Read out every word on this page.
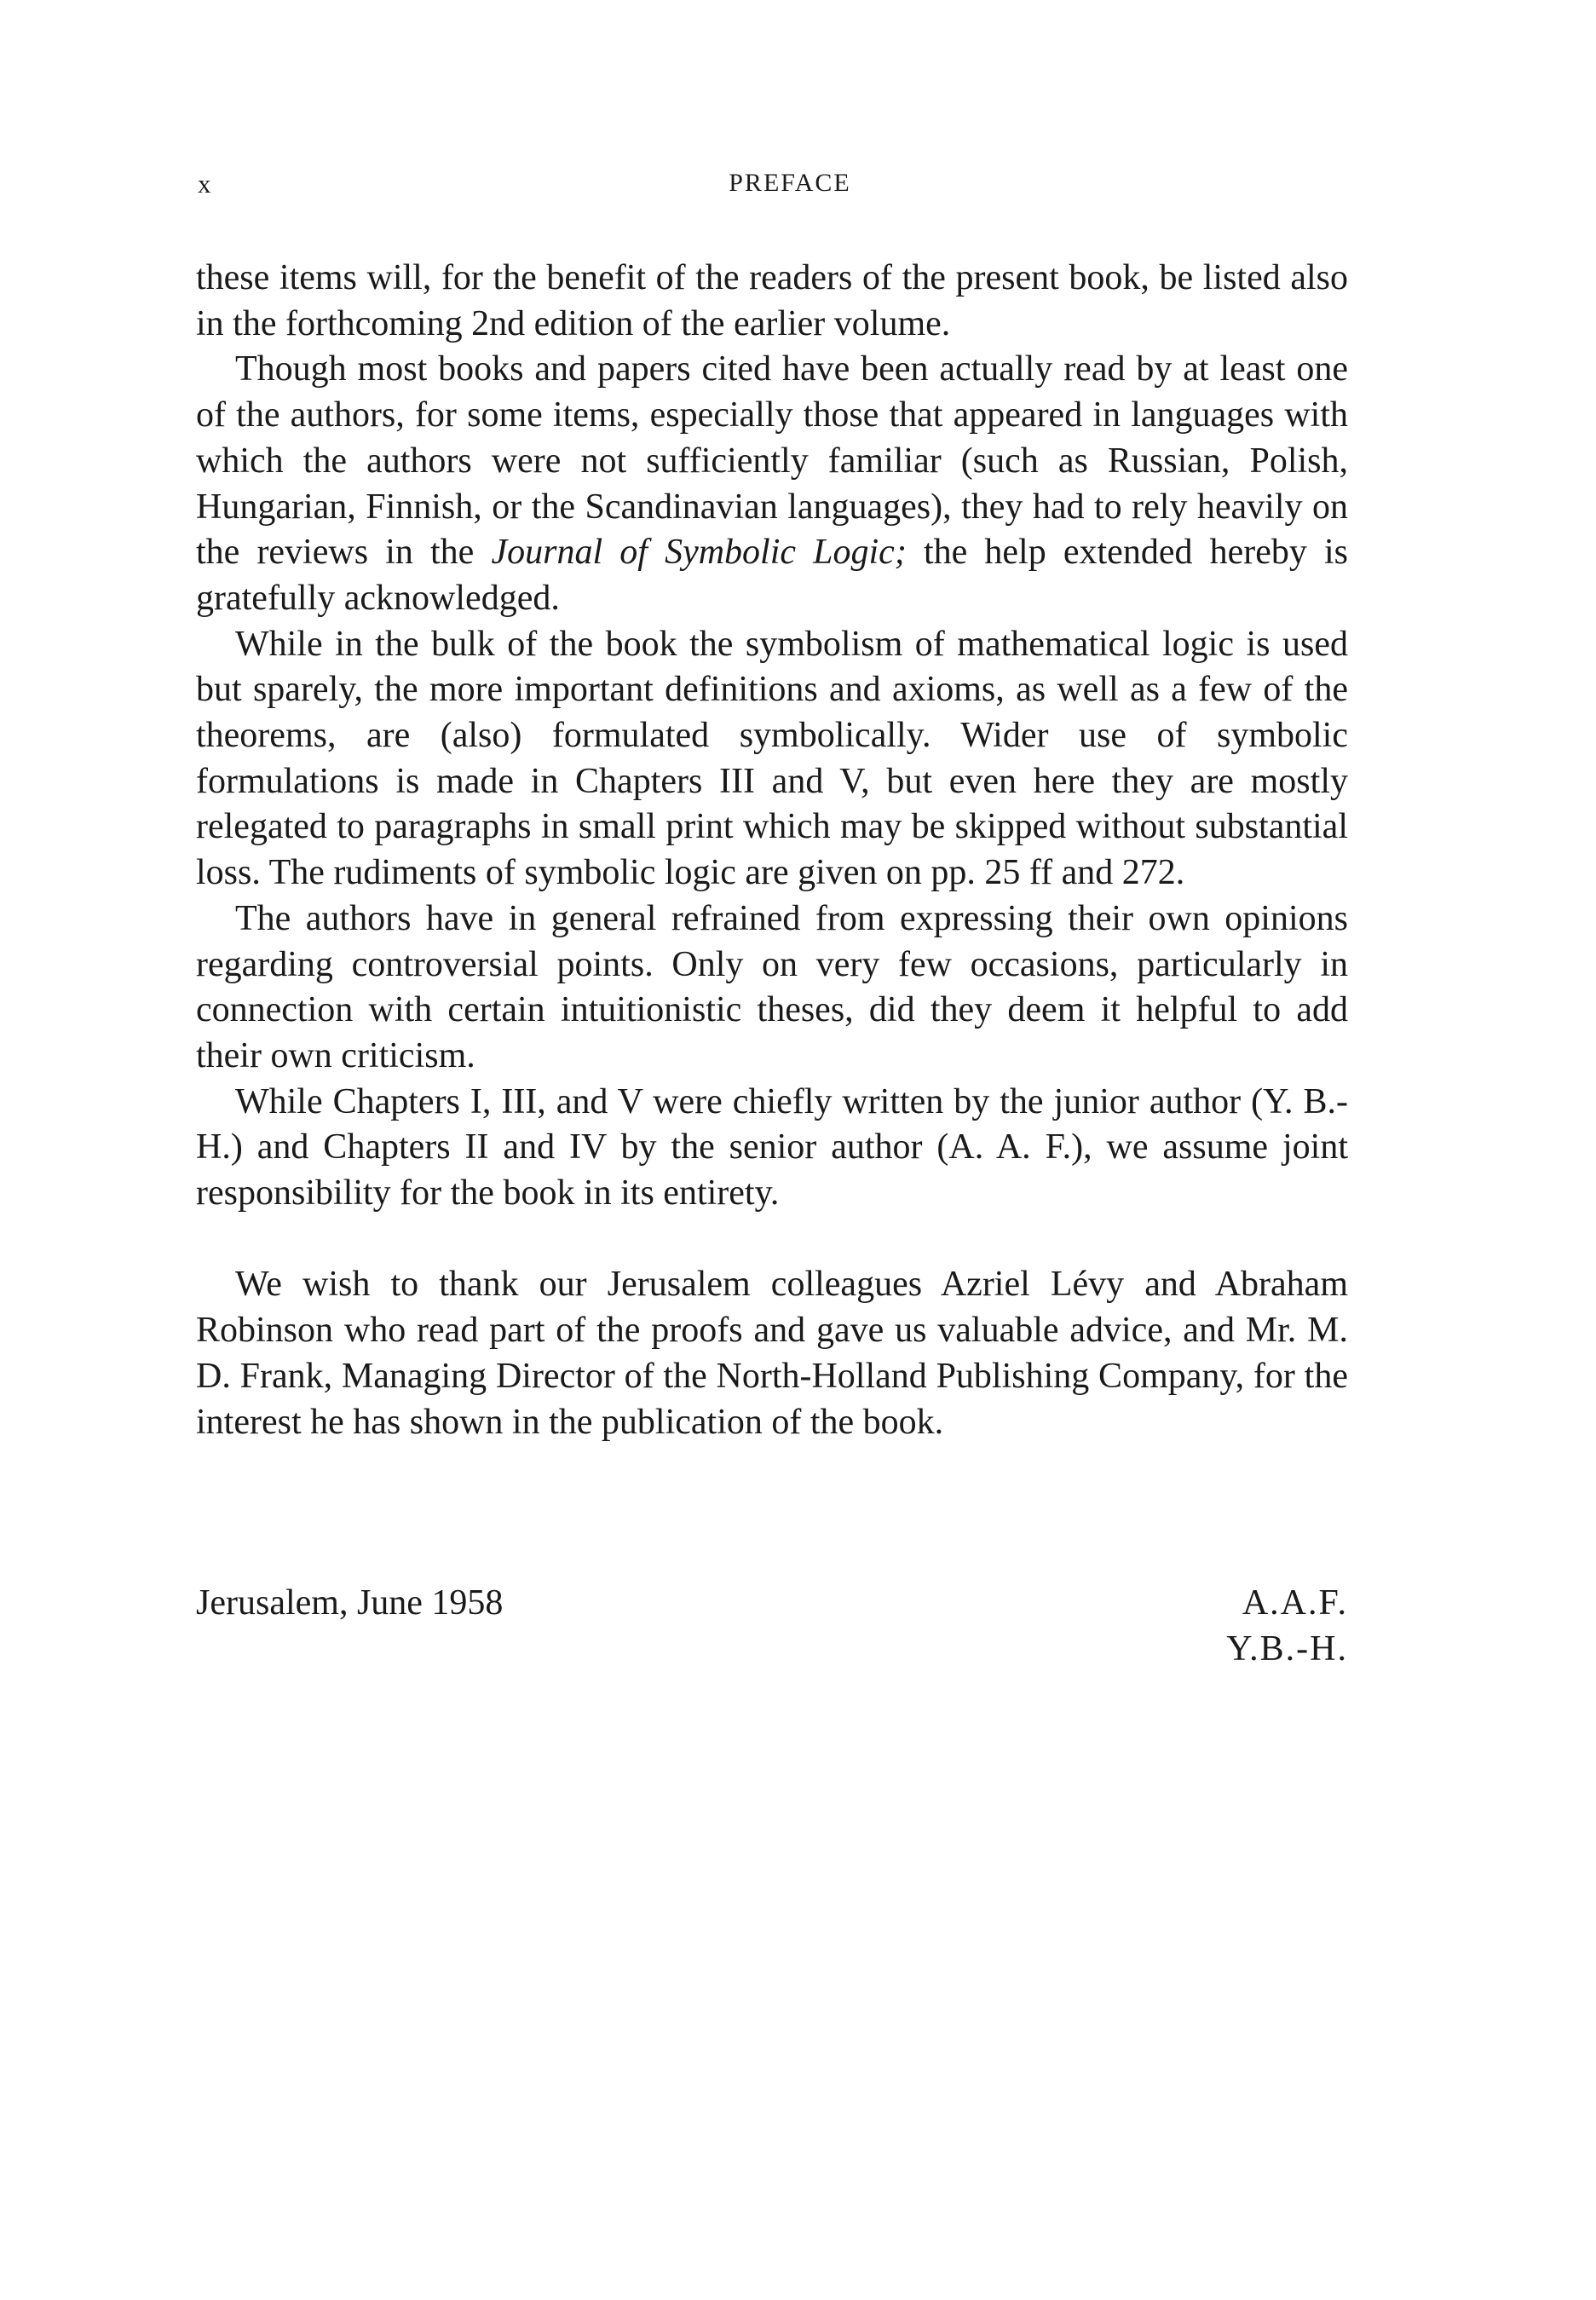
x	PREFACE

these items will, for the benefit of the readers of the present book, be listed also in the forthcoming 2nd edition of the earlier volume.

Though most books and papers cited have been actually read by at least one of the authors, for some items, especially those that appeared in languages with which the authors were not sufficiently familiar (such as Russian, Polish, Hungarian, Finnish, or the Scandinavian languages), they had to rely heavily on the reviews in the Journal of Symbolic Logic; the help extended hereby is gratefully acknowledged.

While in the bulk of the book the symbolism of mathematical logic is used but sparely, the more important definitions and axioms, as well as a few of the theorems, are (also) formulated symbolically. Wider use of symbolic formulations is made in Chapters III and V, but even here they are mostly relegated to paragraphs in small print which may be skipped without substantial loss. The rudiments of symbolic logic are given on pp. 25 ff and 272.

The authors have in general refrained from expressing their own opinions regarding controversial points. Only on very few occasions, particularly in connection with certain intuitionistic theses, did they deem it helpful to add their own criticism.

While Chapters I, III, and V were chiefly written by the junior author (Y. B.-H.) and Chapters II and IV by the senior author (A. A. F.), we assume joint responsibility for the book in its entirety.

We wish to thank our Jerusalem colleagues Azriel Lévy and Abraham Robinson who read part of the proofs and gave us valuable advice, and Mr. M. D. Frank, Managing Director of the North-Holland Publishing Company, for the interest he has shown in the publication of the book.

Jerusalem, June 1958	A.A.F.
Y.B.-H.
